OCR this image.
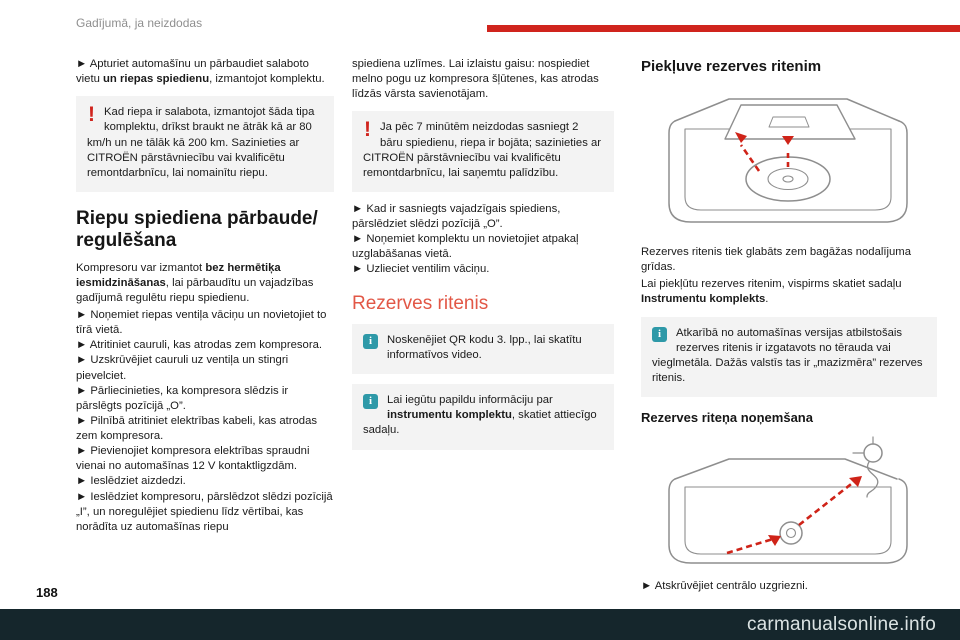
Gadījumā, ja neizdodas

► Apturiet automašīnu un pārbaudiet salaboto vietu un riepas spiedienu, izmantojot komplektu.

! Kad riepa ir salabota, izmantojot šāda tipa komplektu, drīkst braukt ne ātrāk kā ar 80 km/h un ne tālāk kā 200 km. Sazinieties ar CITROËN pārstāvniecību vai kvalificētu remontdarbnīcu, lai nomainītu riepu.
Riepu spiediena pārbaude/ regulēšana

Kompresoru var izmantot bez hermētiķa iesmidzināšanas, lai pārbaudītu un vajadzības gadījumā regulētu riepu spiedienu.

► Noņemiet riepas ventiļa vāciņu un novietojiet to tīrā vietā.

► Atritiniet cauruli, kas atrodas zem kompresora.

► Uzskrūvējiet cauruli uz ventiļa un stingri pievelciet.

► Pārliecinieties, ka kompresora slēdzis ir pārslēgts pozīcijā „O”.

► Pilnībā atritiniet elektrības kabeli, kas atrodas zem kompresora.

► Pievienojiet kompresora elektrības spraudni vienai no automašīnas 12 V kontaktligzdām.

► Ieslēdziet aizdedzi.

► Ieslēdziet kompresoru, pārslēdzot slēdzi pozīcijā „I”, un noregulējiet spiedienu līdz vērtībai, kas norādīta uz automašīnas riepu

spiediena uzlīmes. Lai izlaistu gaisu: nospiediet melno pogu uz kompresora šļūtenes, kas atrodas līdzās vārsta savienotājam.

! Ja pēc 7 minūtēm neizdodas sasniegt 2 bāru spiedienu, riepa ir bojāta; sazinieties ar CITROËN pārstāvniecību vai kvalificētu remontdarbnīcu, lai saņemtu palīdzību.

► Kad ir sasniegts vajadzīgais spiediens, pārslēdziet slēdzi pozīcijā „O”.

► Noņemiet komplektu un novietojiet atpakaļ uzglabāšanas vietā.

► Uzlieciet ventilim vāciņu.

Rezerves ritenis
i	Noskenējiet QR kodu 3. lpp., lai skatītu informatīvos video.
i	Lai iegūtu papildu informāciju par instrumentu komplektu, skatiet attiecīgo sadaļu.
Piekļuve rezerves ritenim

Rezerves ritenis tiek glabāts zem bagāžas nodalījuma grīdas.

Lai piekļūtu rezerves ritenim, vispirms skatiet sadaļu Instrumentu komplekts.

i	Atkarībā no automašīnas versijas atbilstošais rezerves ritenis ir izgatavots no tērauda vai vieglmetāla. Dažās valstīs tas ir „mazizmēra” rezerves ritenis.
Rezerves riteņa noņemšana

► Atskrūvējiet centrālo uzgriezni.

188
carmanualsonline.info
